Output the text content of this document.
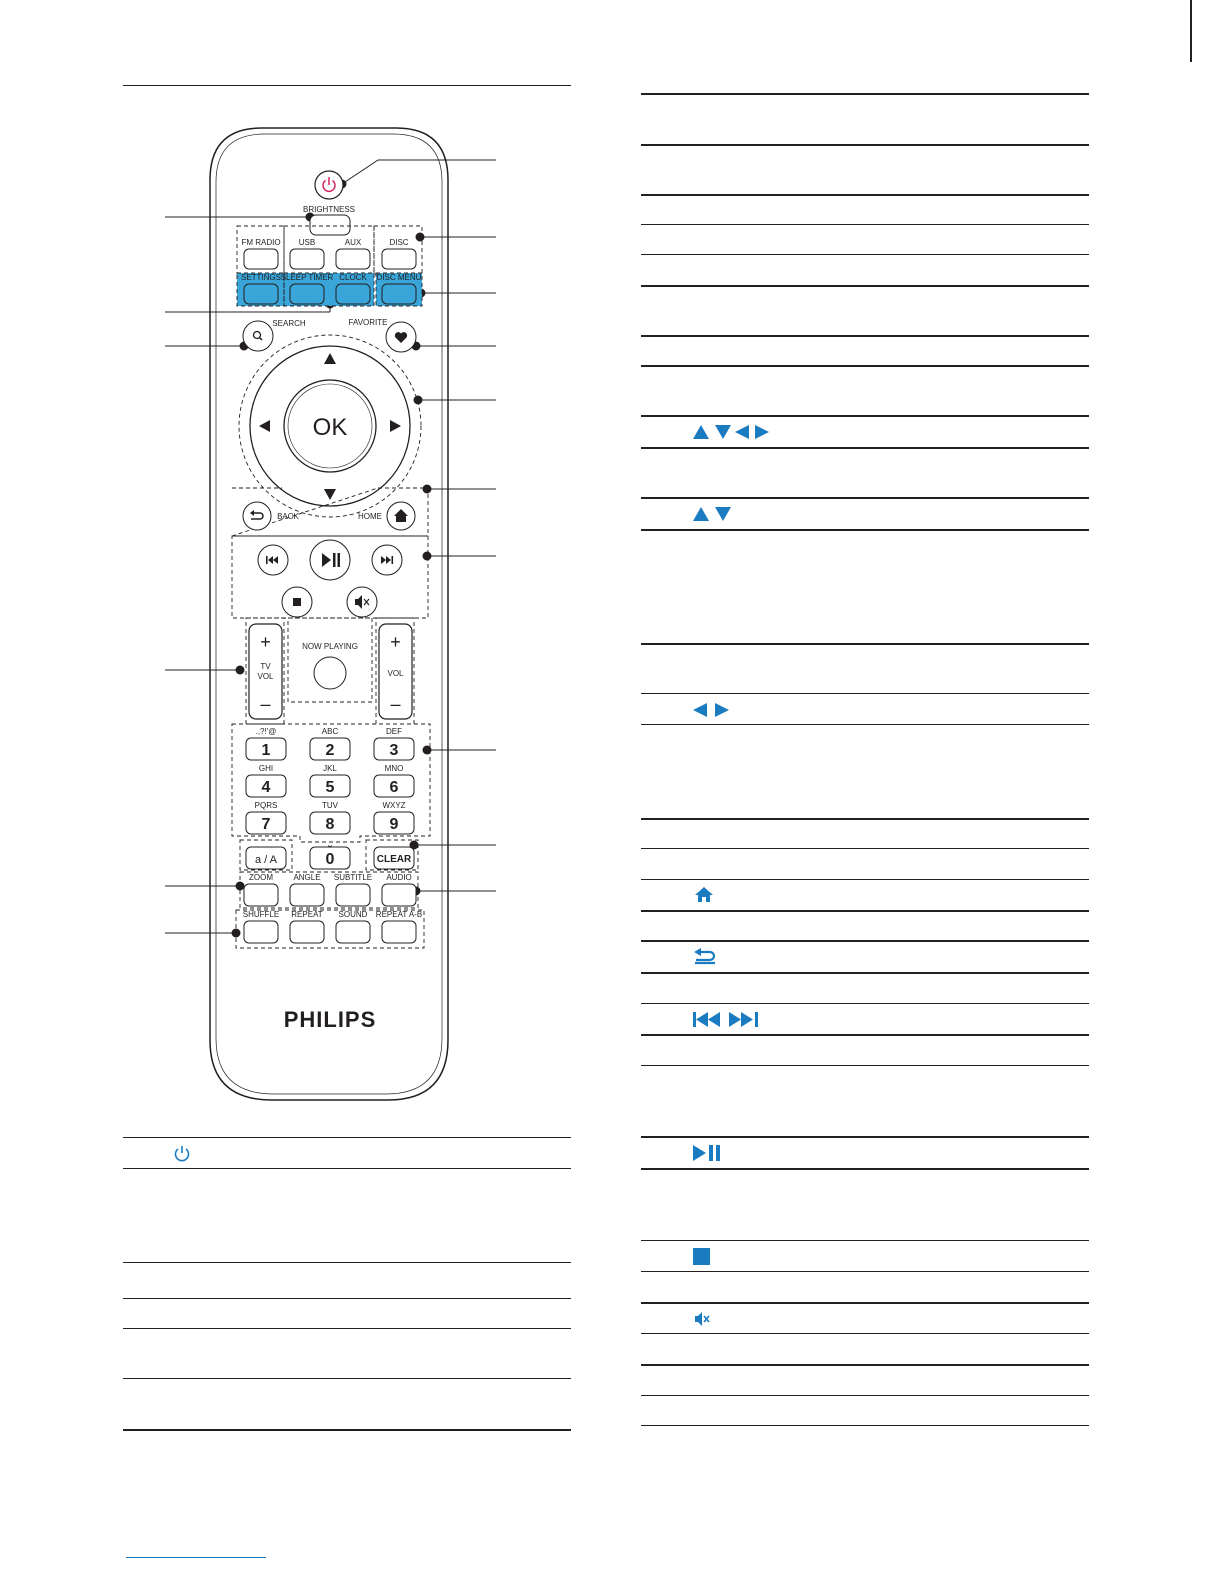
BRIGHTNESS
FM RADIO USB	AUX	DISC
SETTINGS SLEEP TIMER CLOCK DISC MENU
SEARCH	FAVORITE
OK
BACK	HOME
+
TV
VOL
–
NOW PLAYING +
VOL
–
.,?!'@
1
ABC
2
DEF
3
GHI
4
JKL
5
MNO
6
PQRS
7
TUV
8
WXYZ
9
a / A
⎵
0	CLEAR
ZOOM	ANGLE SUBTITLE AUDIO
SHUFFLE REPEAT SOUND REPEAT A-B
PHILIPS
